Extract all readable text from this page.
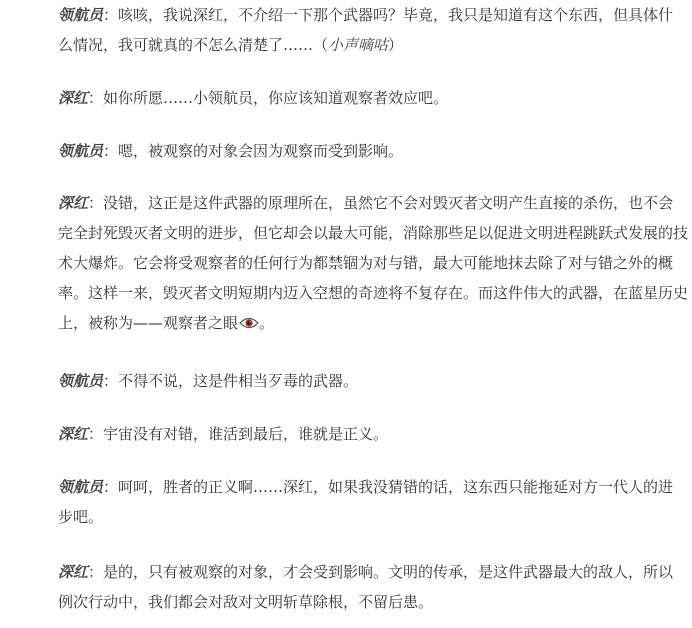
领航员：咳咳，我说深红，不介绍一下那个武器吗？毕竟，我只是知道有这个东西，但具体什么情况，我可就真的不怎么清楚了……（小声嘀咕）

深红：如你所愿……小领航员，你应该知道观察者效应吧。

领航员：嗯，被观察的对象会因为观察而受到影响。

深红：没错，这正是这件武器的原理所在，虽然它不会对毁灭者文明产生直接的杀伤，也不会完全封死毁灭者文明的进步，但它却会以最大可能，消除那些足以促进文明进程跳跃式发展的技术大爆炸。它会将受观察者的任何行为都禁锢为对与错，最大可能地抹去除了对与错之外的概率。这样一来，毁灭者文明短期内迈入空想的奇迹将不复存在。而这件伟大的武器，在蓝星历史上，被称为——观察者之眼 。

领航员：不得不说，这是件相当歹毒的武器。

深红：宇宙没有对错，谁活到最后，谁就是正义。

领航员：呵呵，胜者的正义啊……深红，如果我没猜错的话，这东西只能拖延对方一代人的进步吧。

深红：是的，只有被观察的对象，才会受到影响。文明的传承，是这件武器最大的敌人，所以例次行动中，我们都会对敌对文明斩草除根，不留后患。
